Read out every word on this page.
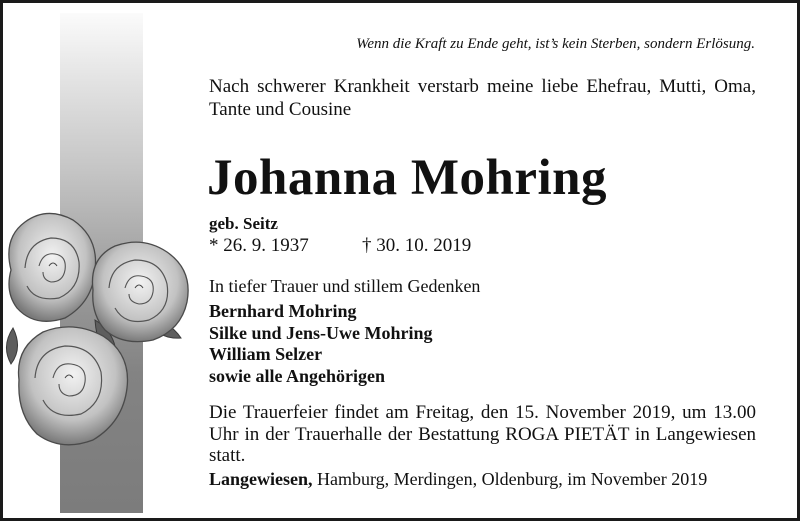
Wenn die Kraft zu Ende geht, ist’s kein Sterben, sondern Erlösung.
Nach schwerer Krankheit verstarb meine liebe Ehefrau, Mutti, Oma, Tante und Cousine
Johanna Mohring
geb. Seitz
* 26. 9. 1937	† 30. 10. 2019
In tiefer Trauer und stillem Gedenken
Bernhard Mohring
Silke und Jens-Uwe Mohring
William Selzer
sowie alle Angehörigen
Die Trauerfeier findet am Freitag, den 15. November 2019, um 13.00 Uhr in der Trauerhalle der Bestattung ROGA PIETÄT in Langewiesen statt.
Langewiesen, Hamburg, Merdingen, Oldenburg, im November 2019
